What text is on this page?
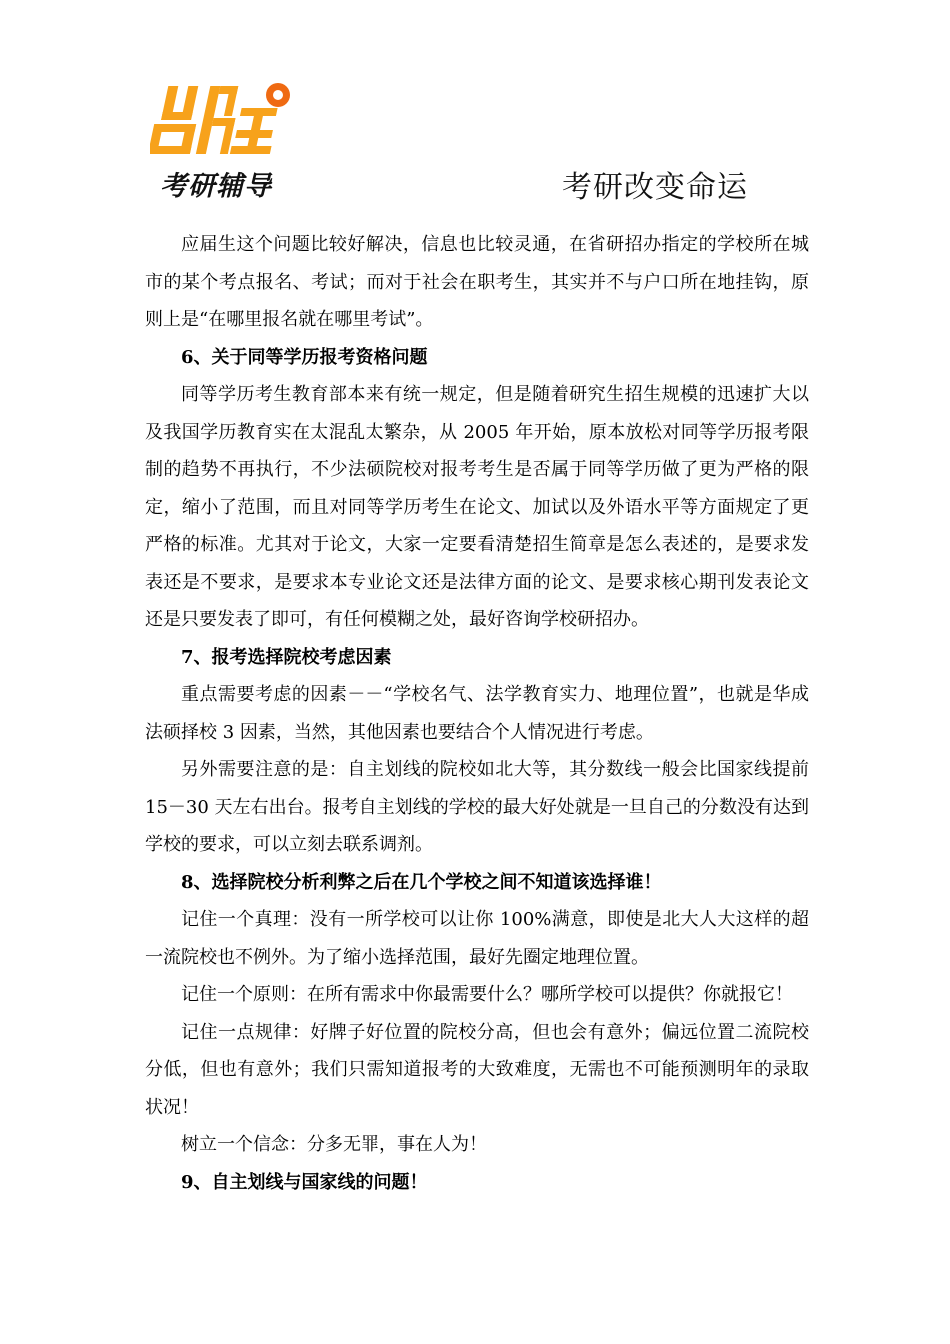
考研辅导	考研改变命运

应届生这个问题比较好解决，信息也比较灵通，在省研招办指定的学校所在城市的某个考点报名、考试；而对于社会在职考生，其实并不与户口所在地挂钩，原则上是“在哪里报名就在哪里考试”。

6、关于同等学历报考资格问题

同等学历考生教育部本来有统一规定，但是随着研究生招生规模的迅速扩大以及我国学历教育实在太混乱太繁杂，从 2005 年开始，原本放松对同等学历报考限制的趋势不再执行，不少法硕院校对报考考生是否属于同等学历做了更为严格的限定，缩小了范围，而且对同等学历考生在论文、加试以及外语水平等方面规定了更严格的标准。尤其对于论文，大家一定要看清楚招生简章是怎么表述的，是要求发表还是不要求，是要求本专业论文还是法律方面的论文、是要求核心期刊发表论文还是只要发表了即可，有任何模糊之处，最好咨询学校研招办。

7、报考选择院校考虑因素

重点需要考虑的因素－－“学校名气、法学教育实力、地理位置”，也就是华成法硕择校 3 因素，当然，其他因素也要结合个人情况进行考虑。

另外需要注意的是：自主划线的院校如北大等，其分数线一般会比国家线提前 15－30 天左右出台。报考自主划线的学校的最大好处就是一旦自己的分数没有达到学校的要求，可以立刻去联系调剂。

8、选择院校分析利弊之后在几个学校之间不知道该选择谁！

记住一个真理：没有一所学校可以让你 100%满意，即使是北大人大这样的超一流院校也不例外。为了缩小选择范围，最好先圈定地理位置。

记住一个原则：在所有需求中你最需要什么？哪所学校可以提供？你就报它！

记住一点规律：好牌子好位置的院校分高，但也会有意外；偏远位置二流院校分低，但也有意外；我们只需知道报考的大致难度，无需也不可能预测明年的录取状况！

树立一个信念：分多无罪，事在人为！

9、自主划线与国家线的问题！
